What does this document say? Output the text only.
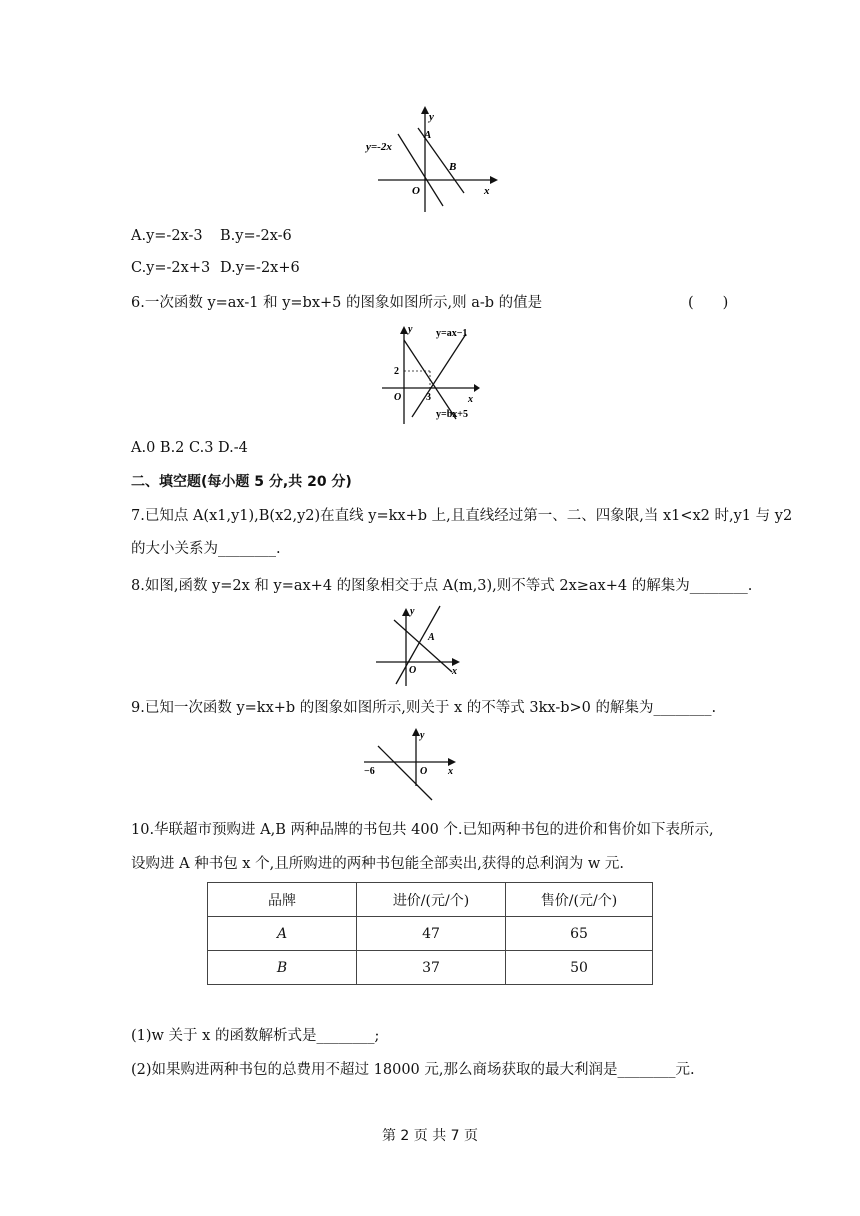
y=-2x
A
B
O	x
y
A.y=-2x-3 B.y=-2x-6
C.y=-2x+3 D.y=-2x+6
6.一次函数 y=ax-1 和 y=bx+5 的图象如图所示,则 a-b 的值是	(　　)
y=ax−1
y=bx+5
2
3
O	x
y
A.0 B.2 C.3 D.-4
二、填空题(每小题 5 分,共 20 分)
7.已知点 A(x1,y1),B(x2,y2)在直线 y=kx+b 上,且直线经过第一、二、四象限,当 x1<x2 时,y1 与 y2
的大小关系为________.
8.如图,函数 y=2x 和 y=ax+4 的图象相交于点 A(m,3),则不等式 2x≥ax+4 的解集为________.
A
O	x
y
9.已知一次函数 y=kx+b 的图象如图所示,则关于 x 的不等式 3kx-b>0 的解集为________.
−6	O x
y
10.华联超市预购进 A,B 两种品牌的书包共 400 个.已知两种书包的进价和售价如下表所示,
设购进 A 种书包 x 个,且所购进的两种书包能全部卖出,获得的总利润为 w 元.
品牌	进价/(元/个)	售价/(元/个)
A	47	65
B	37	50
(1)w 关于 x 的函数解析式是________;
(2)如果购进两种书包的总费用不超过 18000 元,那么商场获取的最大利润是________元.
第 2 页 共 7 页
